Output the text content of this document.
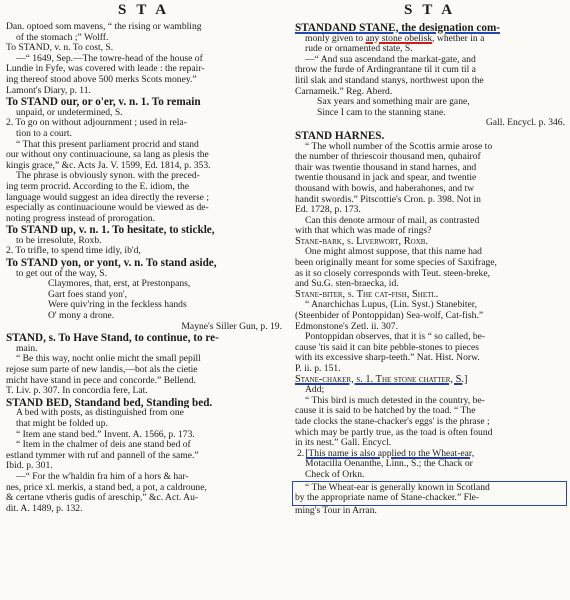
STA	STA
Dan. optoed som mavens, “ the rising or wambling
of the stomach ;” Wolff.
To STAND, v. n. To cost, S.
—“ 1649, Sep.—The towre-head of the house of
Lundie in Fyfe, was covered with leade : the repair-
ing thereof stood above 500 merks Scots money.”
Lamont's Diary, p. 11.
To STAND our, or o'er, v. n. 1. To remain
unpaid, or undetermined, S.
2. To go on without adjournment ; used in rela-
tion to a court.
“ That this present parliament procrid and stand
our without ony continuacioune, sa lang as plesis the
kingis grace,” &c. Acts Ja. V. 1599, Ed. 1814, p. 353.
The phrase is obviously synon. with the preced-
ing term procrid. According to the E. idiom, the
language would suggest an idea directly the reverse ;
especially as continuacioune would be viewed as de-
noting progress instead of prorogation.
To STAND up, v. n. 1. To hesitate, to stickle,
to be irresolute, Roxb.
2. To trifle, to spend time idly, ib'd,
To STAND yon, or yont, v. n. To stand aside,
to get out of the way, S.
Claymores, that, erst, at Prestonpans,
Gart foes stand yon',
Were quiv'ring in the feckless hands
O' mony a drone.
Mayne's Siller Gun, p. 19.
STAND, s. To Have Stand, to continue, to re-
main.
“ Be this way, nocht onlie micht the small pepill
rejose sum parte of new landis,—bot als the cietie
micht have stand in pece and concorde.” Bellend.
T. Liv. p. 307. In concordia fere, Lat.
STAND BED, Standand bed, Standing bed.
A bed with posts, as distinguished from one
that might be folded up.
“ Item ane stand bed.” Invent. A. 1566, p. 173.
“ Item in the chalmer of deis ane stand bed of
estland tymmer with ruf and pannell of the same.”
Ibid. p. 301.
—“ For the w'haldin fra him of a hors & har-
nes, price xl. merkis, a stand bed, a pot, a caldroune,
& certane vtheris gudis of areschip,” &c. Act. Au-
dit. A. 1489, p. 132.
STANDAND STANE, the designation com-
monly given to any stone obelisk, whether in a
rude or ornamented state, S.
—“ And sua ascendand the markat-gate, and
throw the furde of Ardingrantane til it cum til a
litil slak and standand stanys, northwest upon the
Carnameik.” Reg. Aberd.
Sax years and something mair are gane,
Since I cam to the stanning stane.
Gall. Encycl. p. 346.
STAND HARNES.
“ The wholl number of the Scottis armie arose to
the number of thriescoir thousand men, quhairof
thair was twentie thousand in stand harnes, and
twentie thousand in jack and spear, and twentie
thousand with bowis, and haberahones, and tw
handit swordis.” Pitscottie's Cron. p. 398. Not in
Ed. 1728, p. 173.
Can this denote armour of mail, as contrasted
with that which was made of rings?
Stane-bark, s. Liverwort, Roxb.
One might almost suppose, that this name had
been originally meant for some species of Saxifrage,
as it so closely corresponds with Teut. steen-breke,
and Su.G. sten-braecka, id.
Stane-biter, s. The cat-fish, Shetl.
“ Anarchichas Lupus, (Lin. Syst.) Stanebiter,
(Steenbider of Pontoppidan) Sea-wolf, Cat-fish.”
Edmonstone's Zetl. ii. 307.
Pontoppidan observes, that it is “ so called, be-
cause 'tis said it can bite pebble-stones to pieces
with its excessive sharp-teeth.” Nat. Hist. Norw.
P. ii. p. 151.
Stane-chaker, s. 1. The stone chatter, S.]
Add;
“ This bird is much detested in the country, be-
cause it is said to be hatched by the toad. “ The
tade clocks the stane-chacker's eggs' is the phrase ;
which may be partly true, as the toad is often found
in its nest.” Gall. Encycl.
2. This name is also applied to the Wheat-ear,
Motacilla Oenanthe, Linn., S.; the Chack or
Check of Orkn.
“ The Wheat-ear is generally known in Scotland
by the appropriate name of Stane-chacker.” Fle-
ming's Tour in Arran.
